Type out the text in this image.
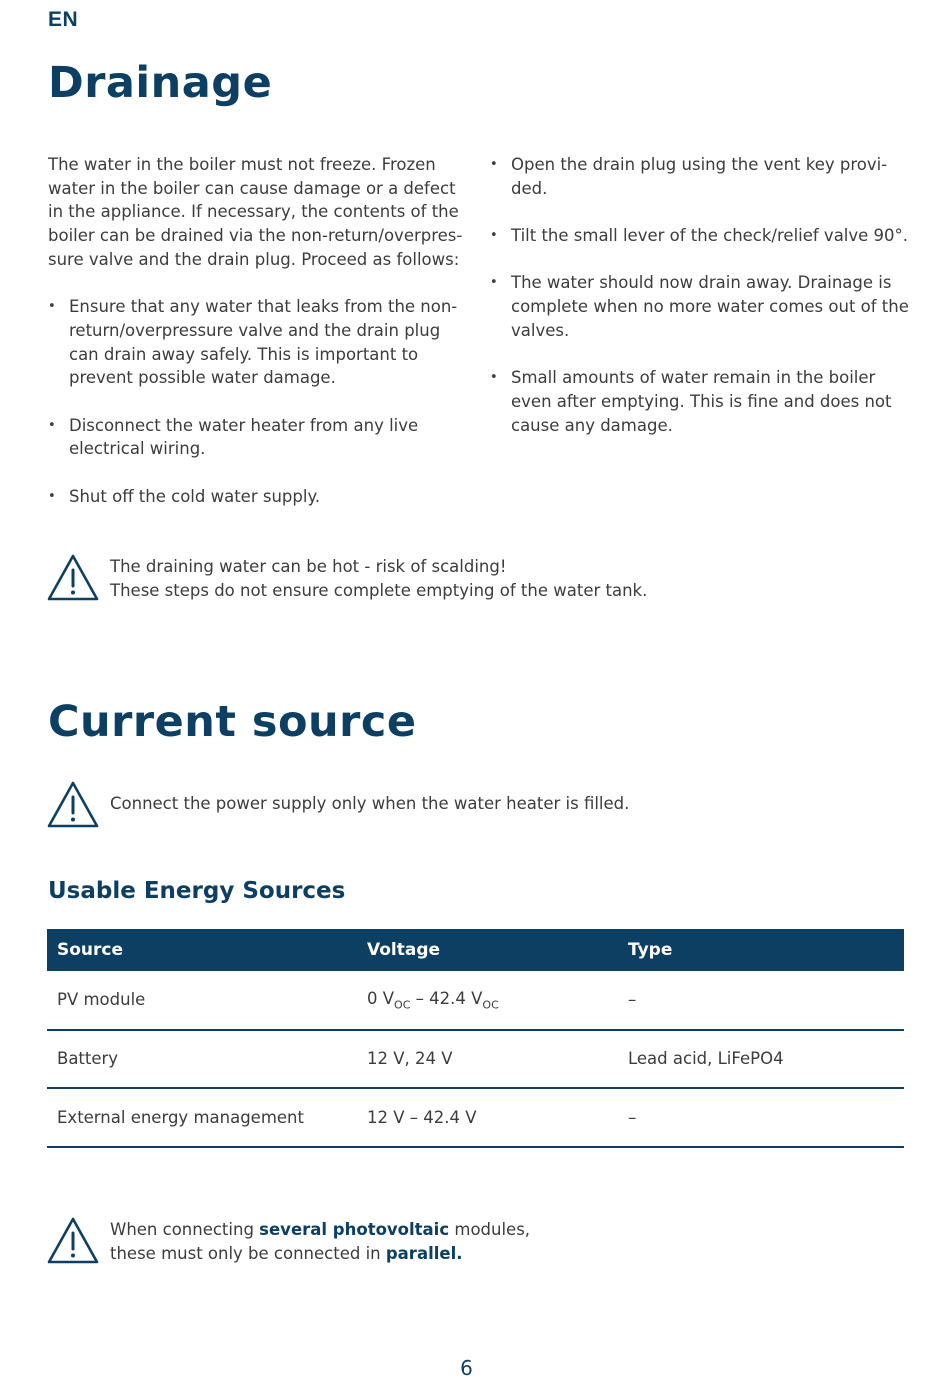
EN
Drainage

The water in the boiler must not freeze. Frozen water in the boiler can cause damage or a defect in the appliance. If necessary, the contents of the boiler can be drained via the non-return/overpres-sure valve and the drain plug. Proceed as follows:

• Ensure that any water that leaks from the non-return/overpressure valve and the drain plug can drain away safely. This is important to prevent possible water damage.
• Disconnect the water heater from any live electrical wiring.
• Shut off the cold water supply.
• Open the drain plug using the vent key provi-ded.
• Tilt the small lever of the check/relief valve 90°.
• The water should now drain away. Drainage is complete when no more water comes out of the valves.
• Small amounts of water remain in the boiler even after emptying. This is fine and does not cause any damage.
The draining water can be hot - risk of scalding!
These steps do not ensure complete emptying of the water tank.
Current source
Connect the power supply only when the water heater is filled.
Usable Energy Sources
Source	Voltage	Type
PV module	0 $V_{OC} - 42.4$ $V_{OC}$	–
Battery	12 V, 24 V	Lead acid, LiFePO4
External energy management	12 V – 42.4 V	–
When connecting several photovoltaic modules,
these must only be connected in parallel.
6
